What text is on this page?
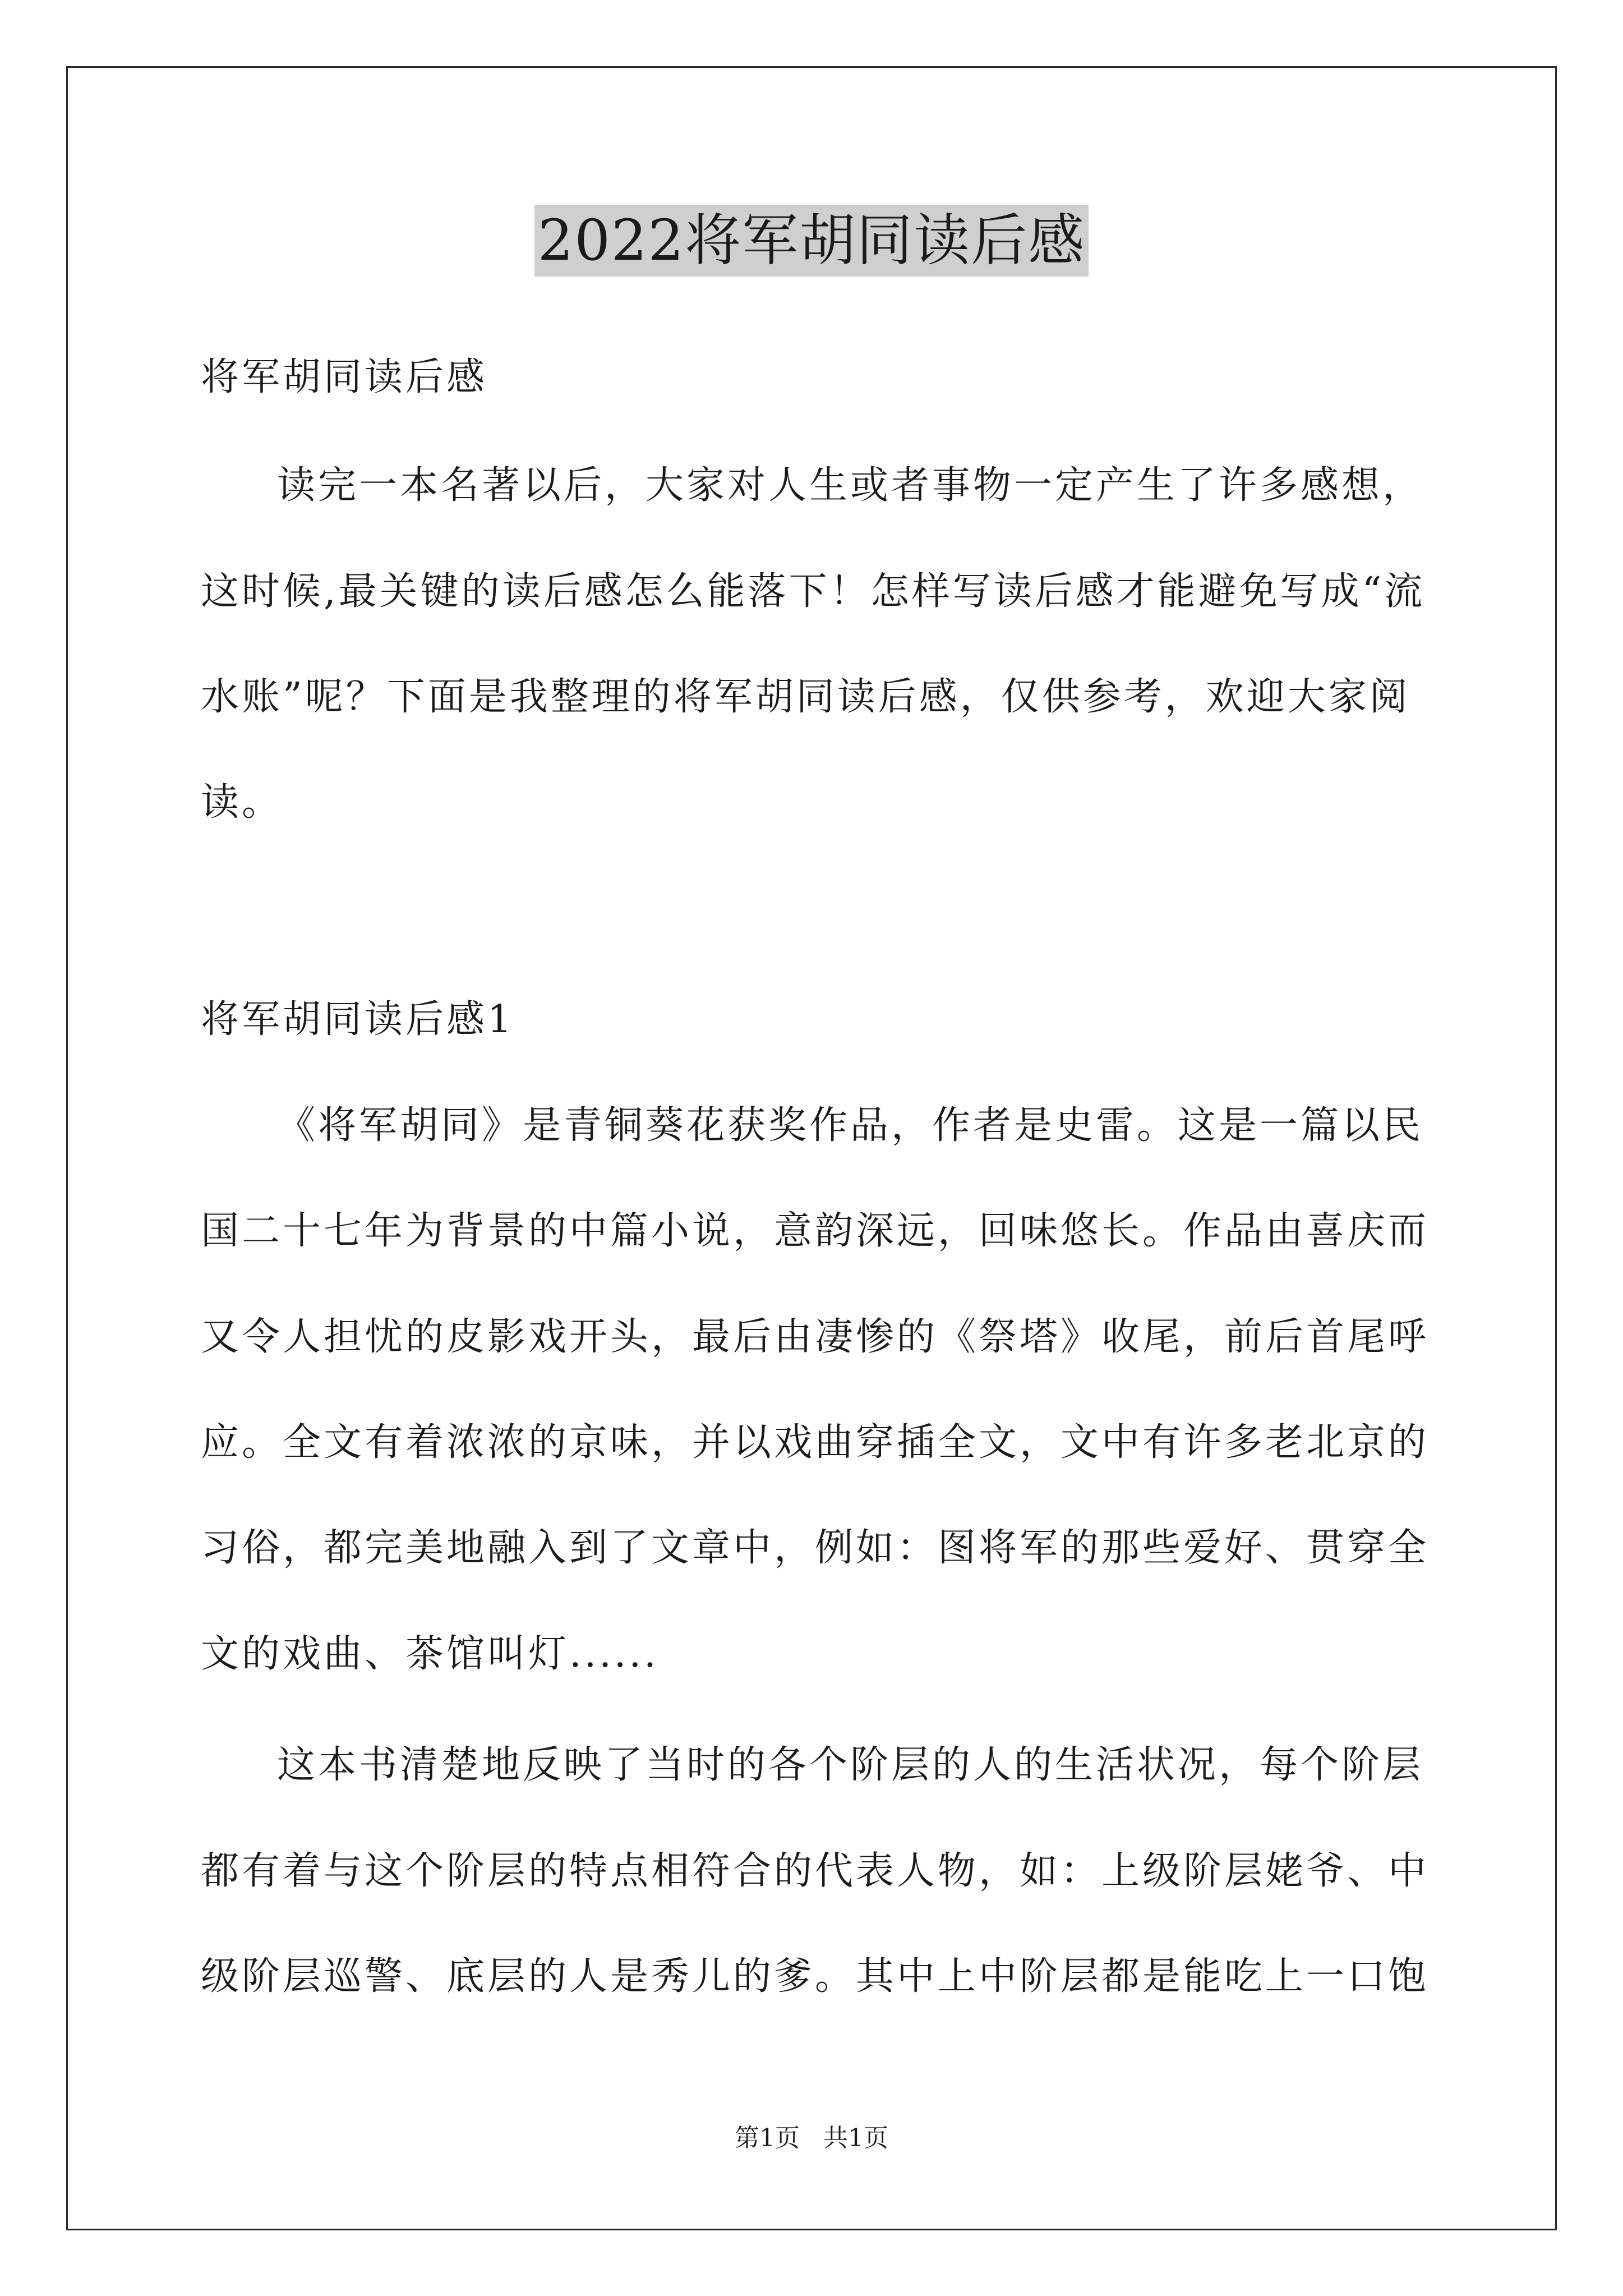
2022将军胡同读后感
将军胡同读后感
读完一本名著以后，大家对人生或者事物一定产生了许多感想，
这时候,最关键的读后感怎么能落下！怎样写读后感才能避免写成“流
水账”呢？下面是我整理的将军胡同读后感，仅供参考，欢迎大家阅
读。
将军胡同读后感1
《将军胡同》是青铜葵花获奖作品，作者是史雷。这是一篇以民
国二十七年为背景的中篇小说，意韵深远，回味悠长。作品由喜庆而
又令人担忧的皮影戏开头，最后由凄惨的《祭塔》收尾，前后首尾呼
应。全文有着浓浓的京味，并以戏曲穿插全文，文中有许多老北京的
习俗，都完美地融入到了文章中，例如：图将军的那些爱好、贯穿全
文的戏曲、茶馆叫灯......
这本书清楚地反映了当时的各个阶层的人的生活状况，每个阶层
都有着与这个阶层的特点相符合的代表人物，如：上级阶层姥爷、中
级阶层巡警、底层的人是秀儿的爹。其中上中阶层都是能吃上一口饱
第1页   共1页
